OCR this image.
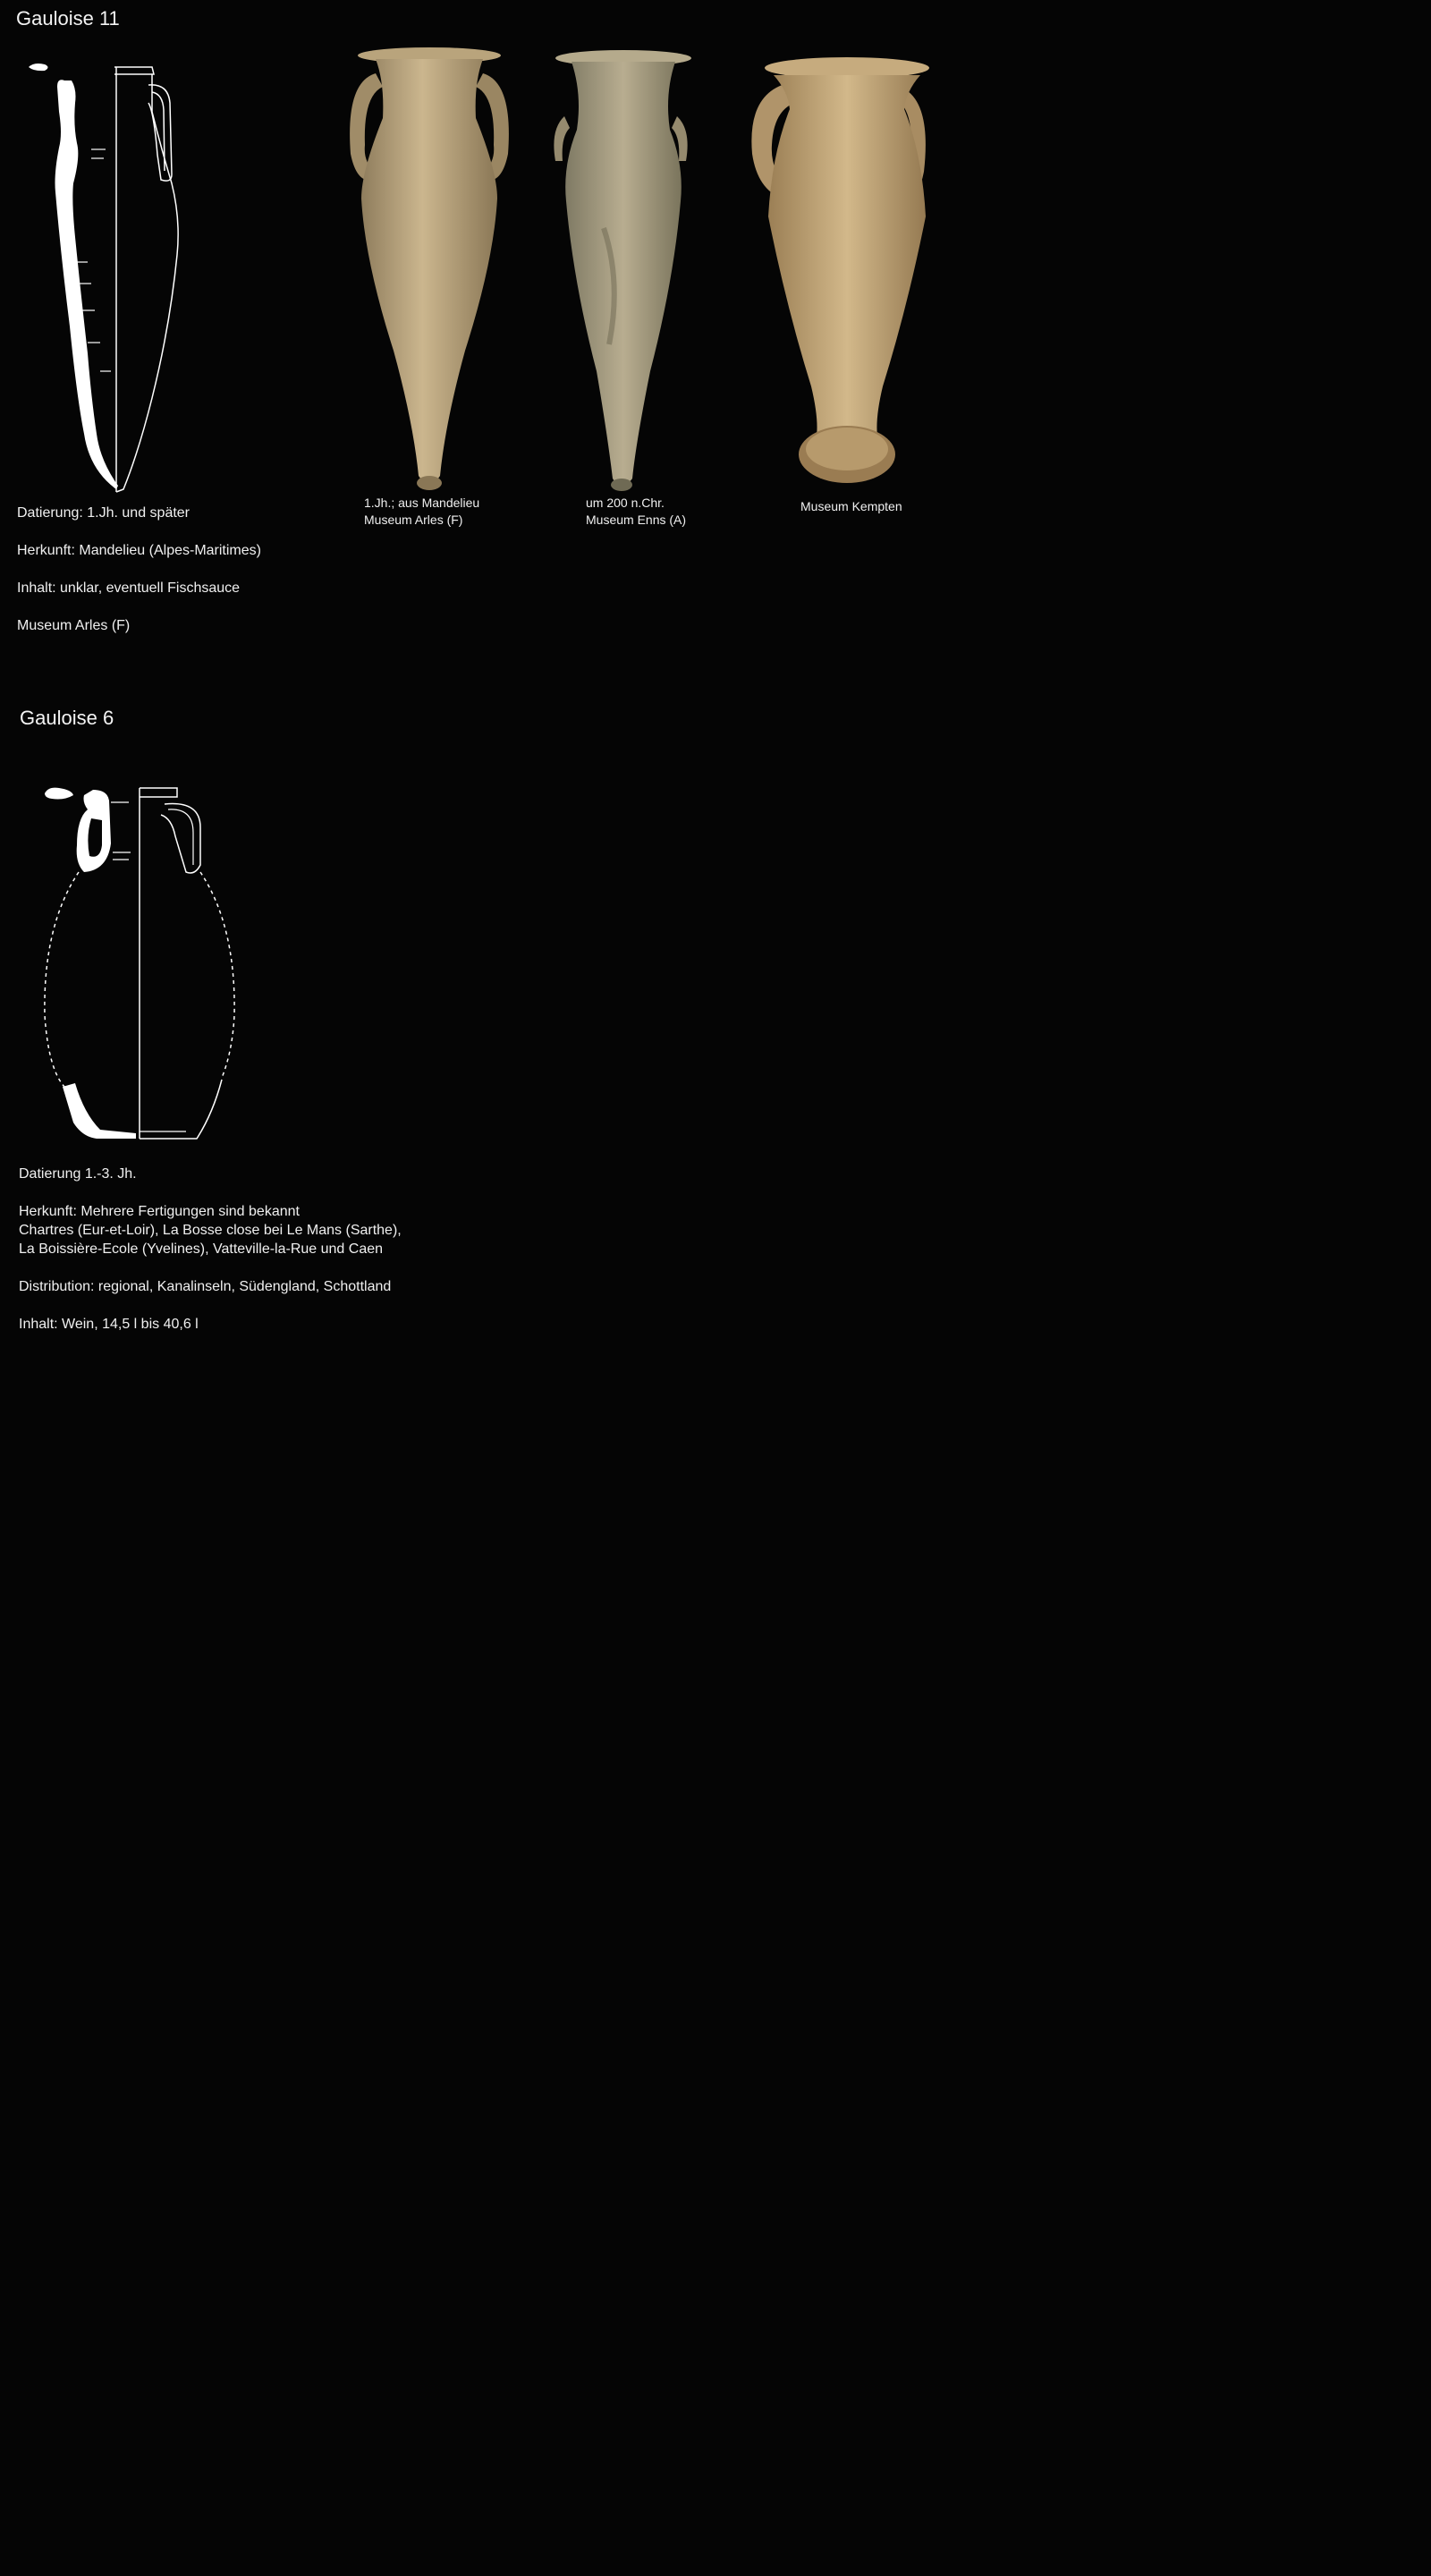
Gauloise 11
1.Jh.; aus Mandelieu
Museum Arles (F)
um 200 n.Chr.
Museum Enns (A)
Museum Kempten
Datierung: 1.Jh. und später
Herkunft: Mandelieu (Alpes-Maritimes)
Inhalt: unklar, eventuell Fischsauce
Museum Arles (F)
Gauloise 6
Datierung 1.-3. Jh.
Herkunft: Mehrere Fertigungen sind bekannt
Chartres (Eur-et-Loir), La Bosse close bei Le Mans (Sarthe),
La Boissière-Ecole (Yvelines), Vatteville-la-Rue und Caen
Distribution: regional, Kanalinseln, Südengland, Schottland
Inhalt: Wein, 14,5 l bis 40,6 l
